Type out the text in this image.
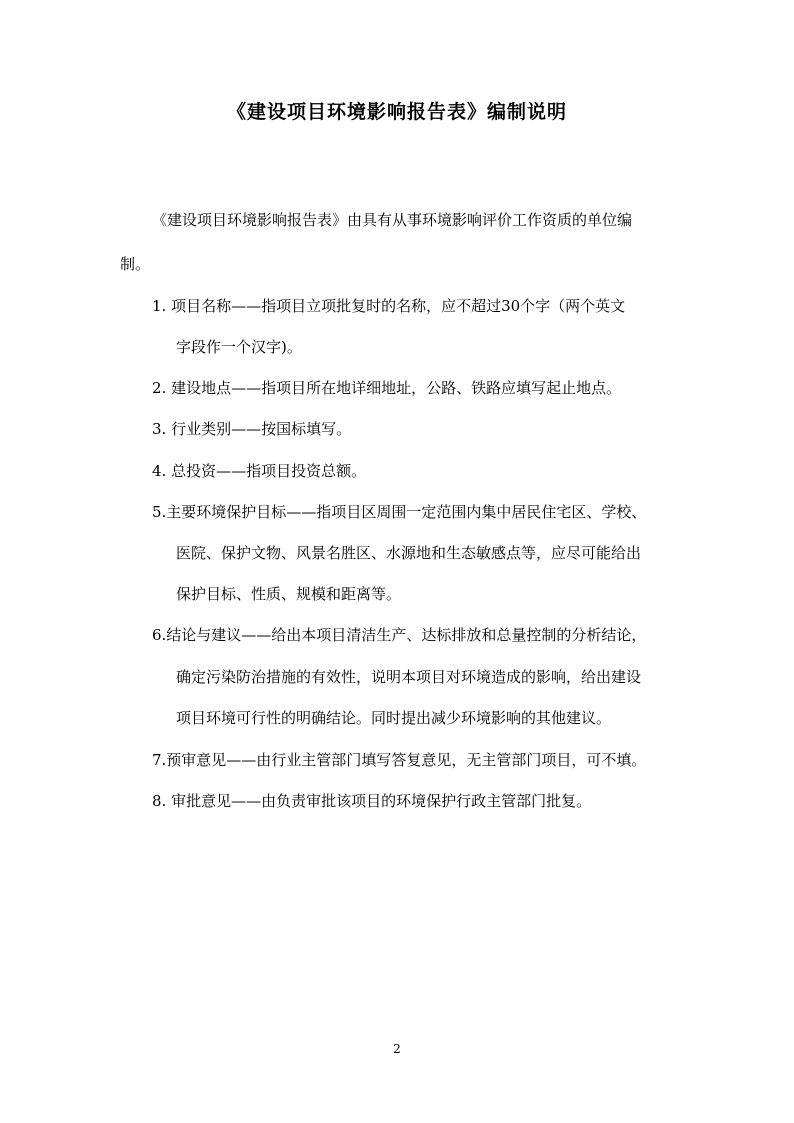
《建设项目环境影响报告表》编制说明

《建设项目环境影响报告表》由具有从事环境影响评价工作资质的单位编

制。

1. 项目名称——指项目立项批复时的名称，应不超过30个字（两个英文

字段作一个汉字)。

2. 建设地点——指项目所在地详细地址，公路、铁路应填写起止地点。

3. 行业类别——按国标填写。

4. 总投资——指项目投资总额。

5.主要环境保护目标——指项目区周围一定范围内集中居民住宅区、学校、

医院、保护文物、风景名胜区、水源地和生态敏感点等，应尽可能给出

保护目标、性质、规模和距离等。

6.结论与建议——给出本项目清洁生产、达标排放和总量控制的分析结论，

确定污染防治措施的有效性，说明本项目对环境造成的影响，给出建设

项目环境可行性的明确结论。同时提出减少环境影响的其他建议。

7.预审意见——由行业主管部门填写答复意见，无主管部门项目，可不填。

8. 审批意见——由负责审批该项目的环境保护行政主管部门批复。

2
